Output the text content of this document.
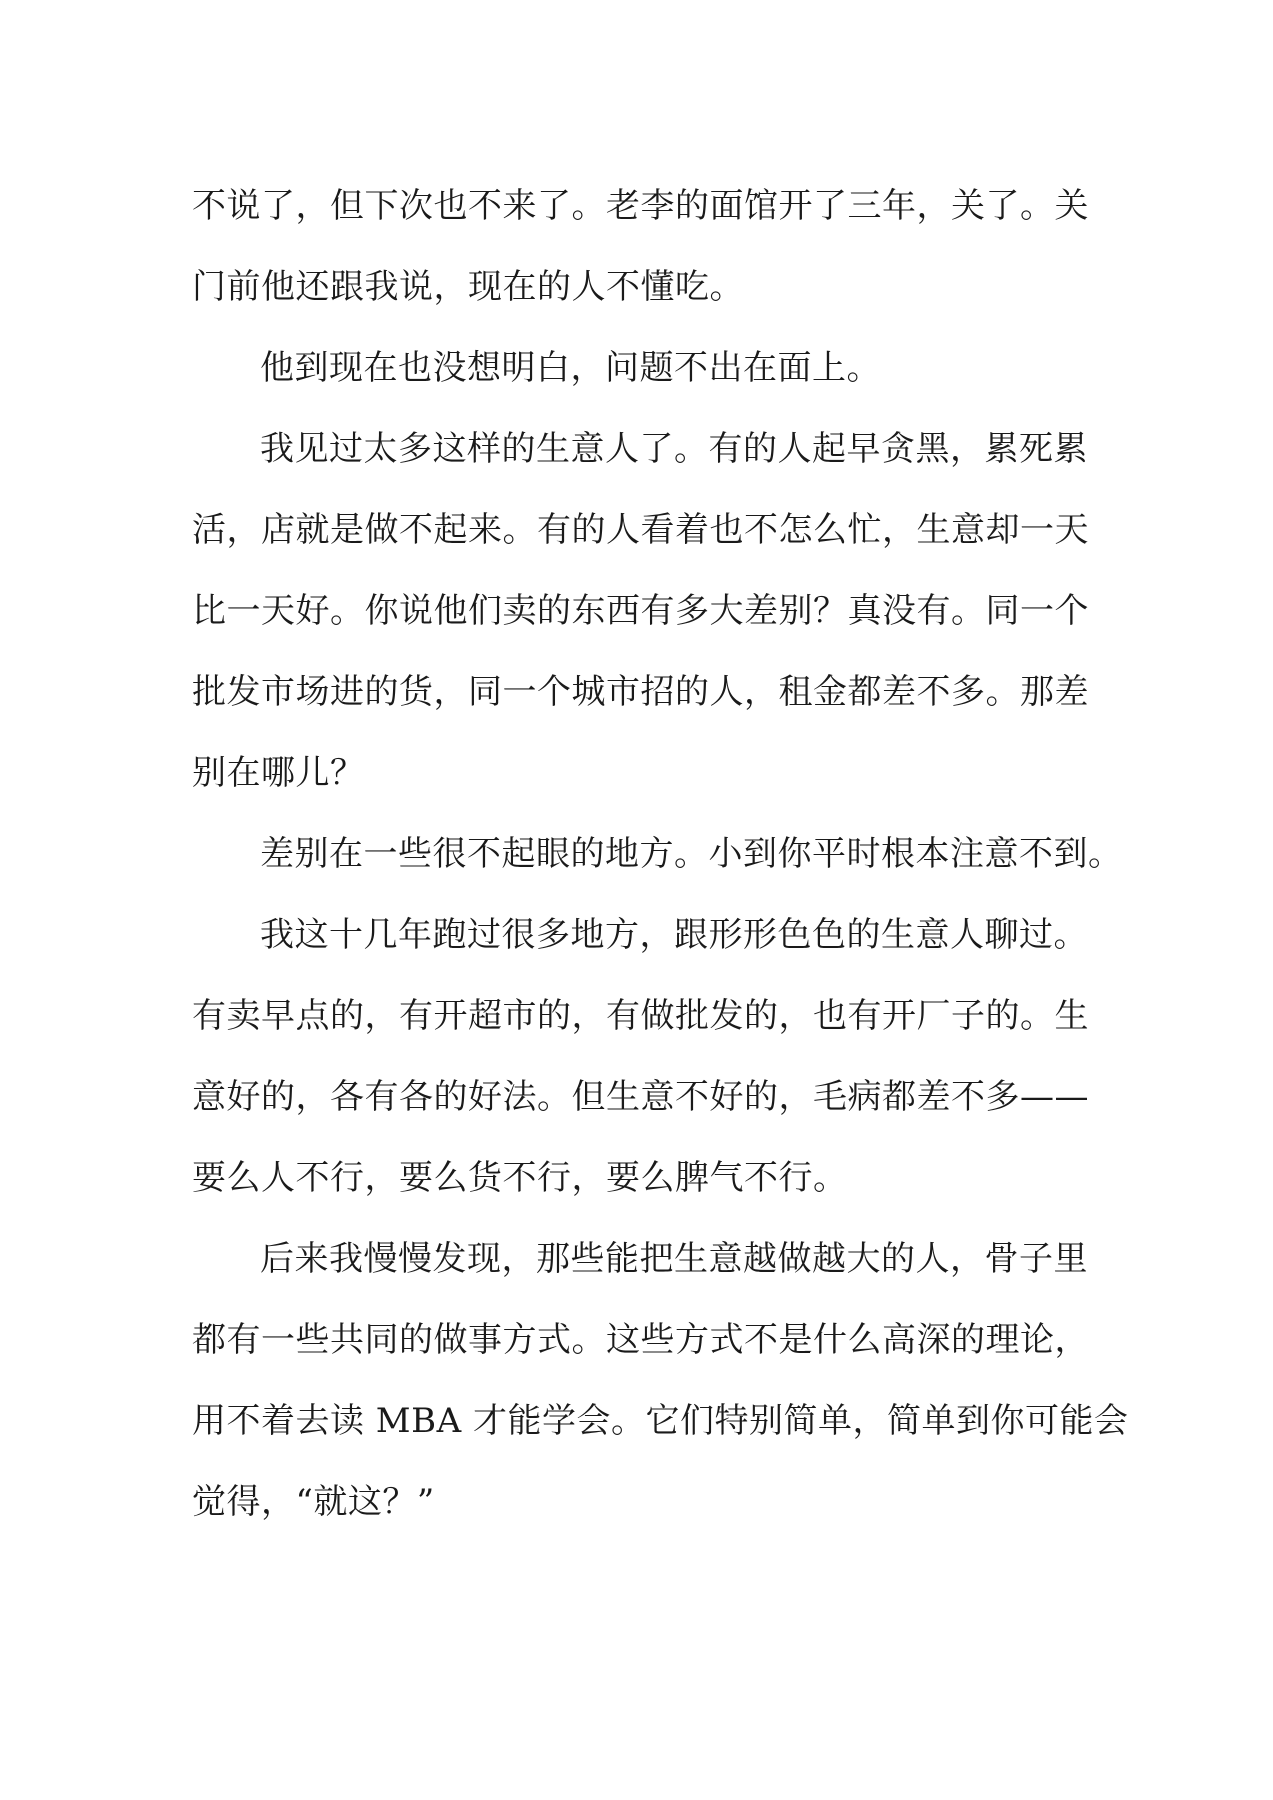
不说了，但下次也不来了。老李的面馆开了三年，关了。关
门前他还跟我说，现在的人不懂吃。
他到现在也没想明白，问题不出在面上。
我见过太多这样的生意人了。有的人起早贪黑，累死累
活，店就是做不起来。有的人看着也不怎么忙，生意却一天
比一天好。你说他们卖的东西有多大差别？真没有。同一个
批发市场进的货，同一个城市招的人，租金都差不多。那差
别在哪儿？
差别在一些很不起眼的地方。小到你平时根本注意不到。
我这十几年跑过很多地方，跟形形色色的生意人聊过。
有卖早点的，有开超市的，有做批发的，也有开厂子的。生
意好的，各有各的好法。但生意不好的，毛病都差不多——
要么人不行，要么货不行，要么脾气不行。
后来我慢慢发现，那些能把生意越做越大的人，骨子里
都有一些共同的做事方式。这些方式不是什么高深的理论，
用不着去读 MBA 才能学会。它们特别简单，简单到你可能会
觉得，“就这？”
